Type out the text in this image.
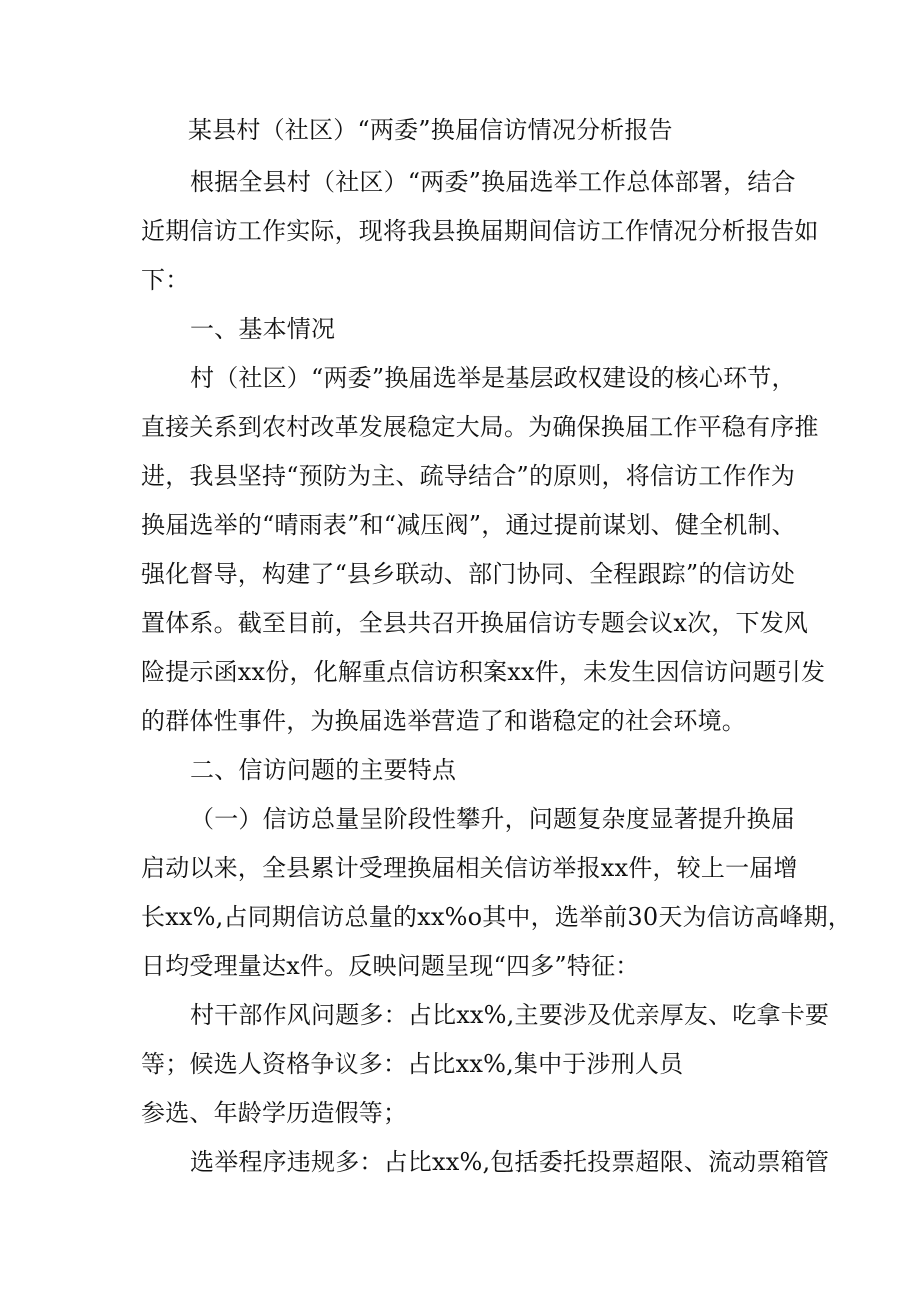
某县村（社区）“两委”换届信访情况分析报告

根据全县村（社区）“两委”换届选举工作总体部署，结合

近期信访工作实际，现将我县换届期间信访工作情况分析报告如

下：

一、基本情况

村（社区）“两委”换届选举是基层政权建设的核心环节，

直接关系到农村改革发展稳定大局。为确保换届工作平稳有序推

进，我县坚持“预防为主、疏导结合”的原则，将信访工作作为

换届选举的“晴雨表”和“减压阀”，通过提前谋划、健全机制、

强化督导，构建了“县乡联动、部门协同、全程跟踪”的信访处

置体系。截至目前，全县共召开换届信访专题会议x次，下发风

险提示函xx份，化解重点信访积案xx件，未发生因信访问题引发

的群体性事件，为换届选举营造了和谐稳定的社会环境。

二、信访问题的主要特点

（一）信访总量呈阶段性攀升，问题复杂度显著提升换届

启动以来，全县累计受理换届相关信访举报xx件，较上一届增

长xx%,占同期信访总量的xx%o其中，选举前30天为信访高峰期，

日均受理量达x件。反映问题呈现“四多”特征：

村干部作风问题多：占比xx%,主要涉及优亲厚友、吃拿卡要

等；候选人资格争议多：占比xx%,集中于涉刑人员

参选、年龄学历造假等；

选举程序违规多：占比xx%,包括委托投票超限、流动票箱管
